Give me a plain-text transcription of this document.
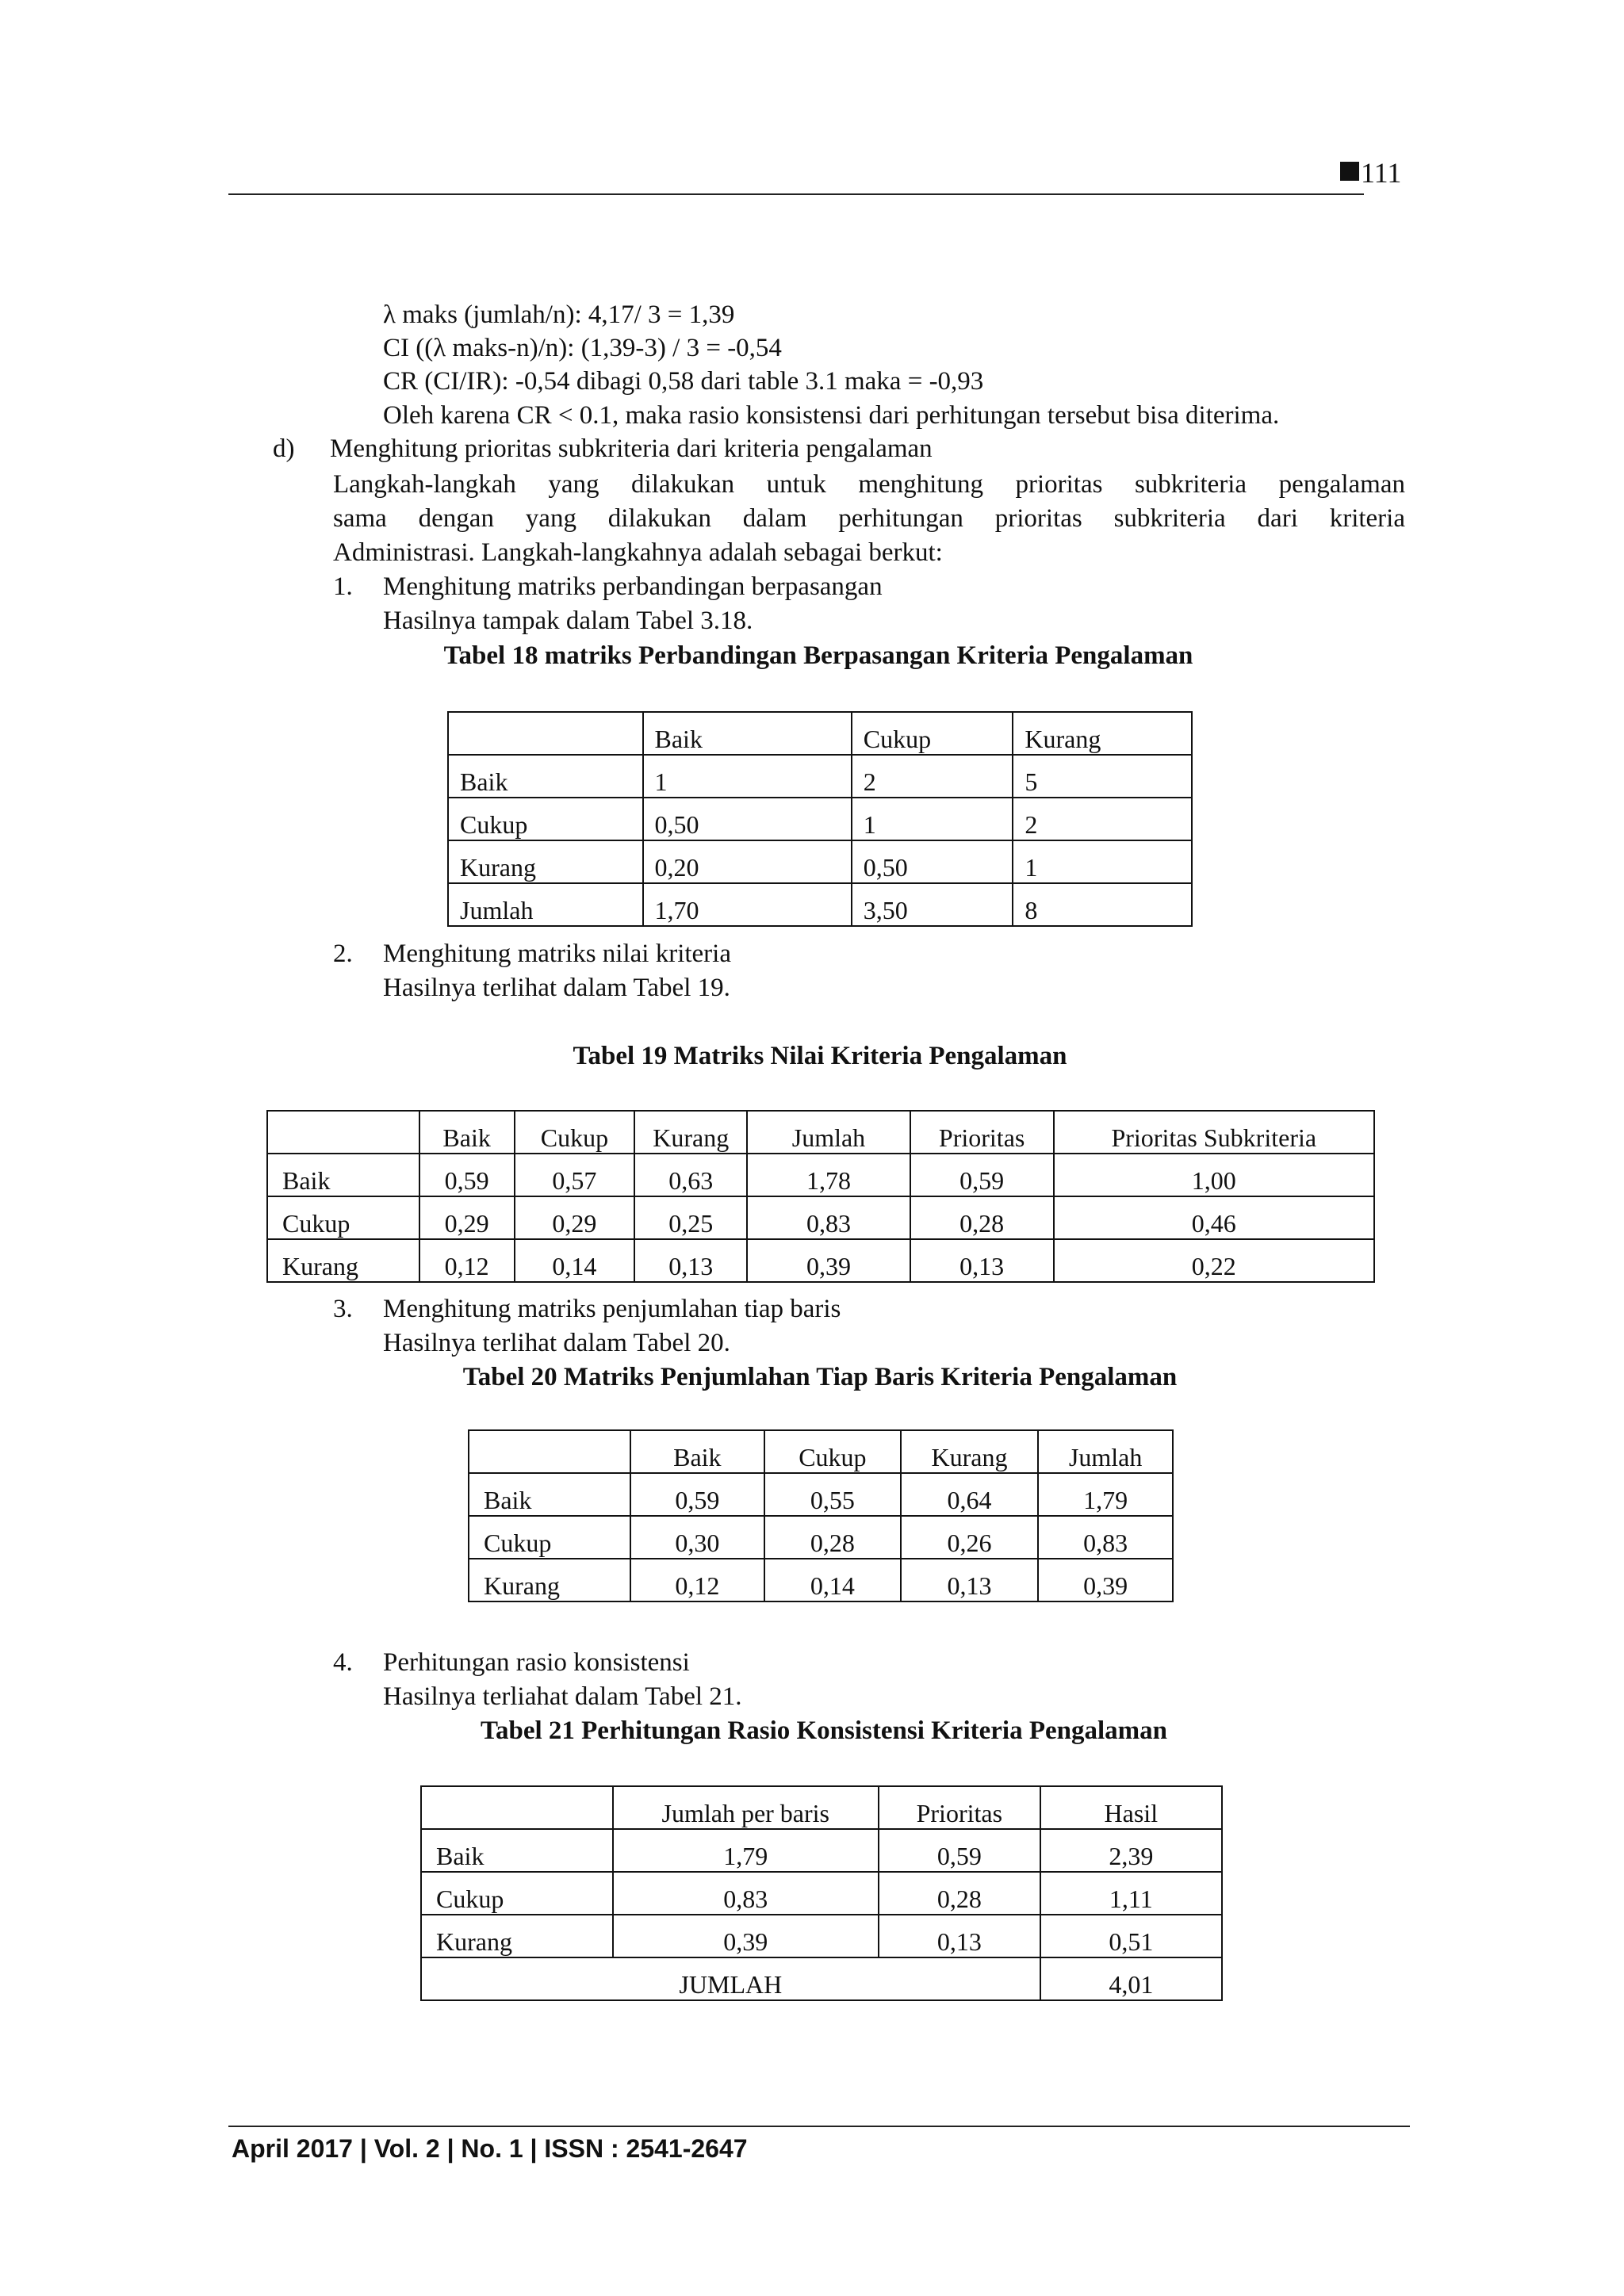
111
λ maks (jumlah/n): 4,17/ 3 = 1,39
CI ((λ maks-n)/n): (1,39-3) / 3 = -0,54
CR (CI/IR): -0,54 dibagi 0,58 dari table 3.1 maka = -0,93
Oleh karena CR < 0.1, maka rasio konsistensi dari perhitungan tersebut bisa diterima.
d) Menghitung prioritas subkriteria dari kriteria pengalaman
Langkah-langkah yang dilakukan untuk menghitung prioritas subkriteria pengalaman
sama dengan yang dilakukan dalam perhitungan prioritas subkriteria dari kriteria
Administrasi. Langkah-langkahnya adalah sebagai berkut:
1. Menghitung matriks perbandingan berpasangan
Hasilnya tampak dalam Tabel 3.18.
Tabel 18 matriks Perbandingan Berpasangan Kriteria Pengalaman
	Baik	Cukup	Kurang
Baik	1	2	5
Cukup	0,50	1	2
Kurang	0,20	0,50	1
Jumlah	1,70	3,50	8
2. Menghitung matriks nilai kriteria
Hasilnya terlihat dalam Tabel 19.
Tabel 19 Matriks Nilai Kriteria Pengalaman
	Baik	Cukup	Kurang	Jumlah	Prioritas	Prioritas Subkriteria
Baik	0,59	0,57	0,63	1,78	0,59	1,00
Cukup	0,29	0,29	0,25	0,83	0,28	0,46
Kurang	0,12	0,14	0,13	0,39	0,13	0,22
3. Menghitung matriks penjumlahan tiap baris
Hasilnya terlihat dalam Tabel 20.
Tabel 20 Matriks Penjumlahan Tiap Baris Kriteria Pengalaman
	Baik	Cukup	Kurang	Jumlah
Baik	0,59	0,55	0,64	1,79
Cukup	0,30	0,28	0,26	0,83
Kurang	0,12	0,14	0,13	0,39
4. Perhitungan rasio konsistensi
Hasilnya terliahat dalam Tabel 21.
Tabel 21 Perhitungan Rasio Konsistensi Kriteria Pengalaman
	Jumlah per baris	Prioritas	Hasil
Baik	1,79	0,59	2,39
Cukup	0,83	0,28	1,11
Kurang	0,39	0,13	0,51
JUMLAH			4,01
April 2017 | Vol. 2 | No. 1 | ISSN : 2541-2647
